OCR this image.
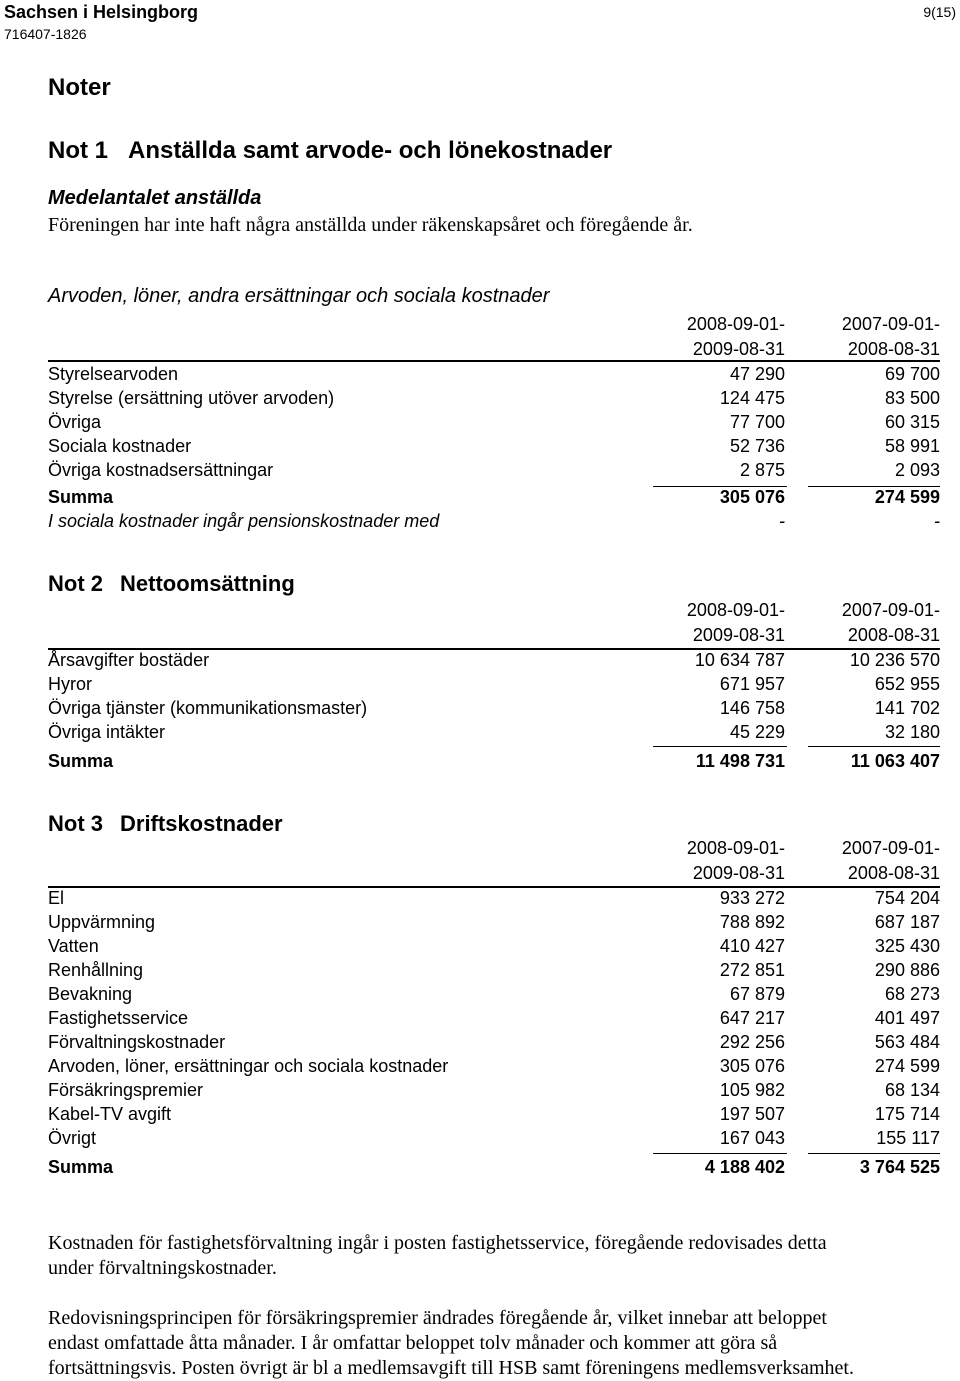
Sachsen i Helsingborg
716407-1826
9(15)
Noter
Not 1 Anställda samt arvode- och lönekostnader
Medelantalet anställda
Föreningen har inte haft några anställda under räkenskapsåret och föregående år.
Arvoden, löner, andra ersättningar och sociala kostnader
2008-09-01-	2007-09-01-
2009-08-31	2008-08-31
Styrelsearvoden	47 290	69 700
Styrelse (ersättning utöver arvoden)	124 475	83 500
Övriga	77 700	60 315
Sociala kostnader	52 736	58 991
Övriga kostnadsersättningar	2 875	2 093
Summa	305 076	274 599
I sociala kostnader ingår pensionskostnader med	-	-
Not 2 Nettoomsättning
2008-09-01-	2007-09-01-
2009-08-31	2008-08-31
Årsavgifter bostäder	10 634 787	10 236 570
Hyror	671 957	652 955
Övriga tjänster (kommunikationsmaster)	146 758	141 702
Övriga intäkter	45 229	32 180
Summa	11 498 731	11 063 407
Not 3 Driftskostnader
2008-09-01-	2007-09-01-
2009-08-31	2008-08-31
El	933 272	754 204
Uppvärmning	788 892	687 187
Vatten	410 427	325 430
Renhållning	272 851	290 886
Bevakning	67 879	68 273
Fastighetsservice	647 217	401 497
Förvaltningskostnader	292 256	563 484
Arvoden, löner, ersättningar och sociala kostnader	305 076	274 599
Försäkringspremier	105 982	68 134
Kabel-TV avgift	197 507	175 714
Övrigt	167 043	155 117
Summa	4 188 402	3 764 525
Kostnaden för fastighetsförvaltning ingår i posten fastighetsservice, föregående redovisades detta
under förvaltningskostnader.
Redovisningsprincipen för försäkringspremier ändrades föregående år, vilket innebar att beloppet
endast omfattade åtta månader. I år omfattar beloppet tolv månader och kommer att göra så
fortsättningsvis. Posten övrigt är bl a medlemsavgift till HSB samt föreningens medlemsverksamhet.
